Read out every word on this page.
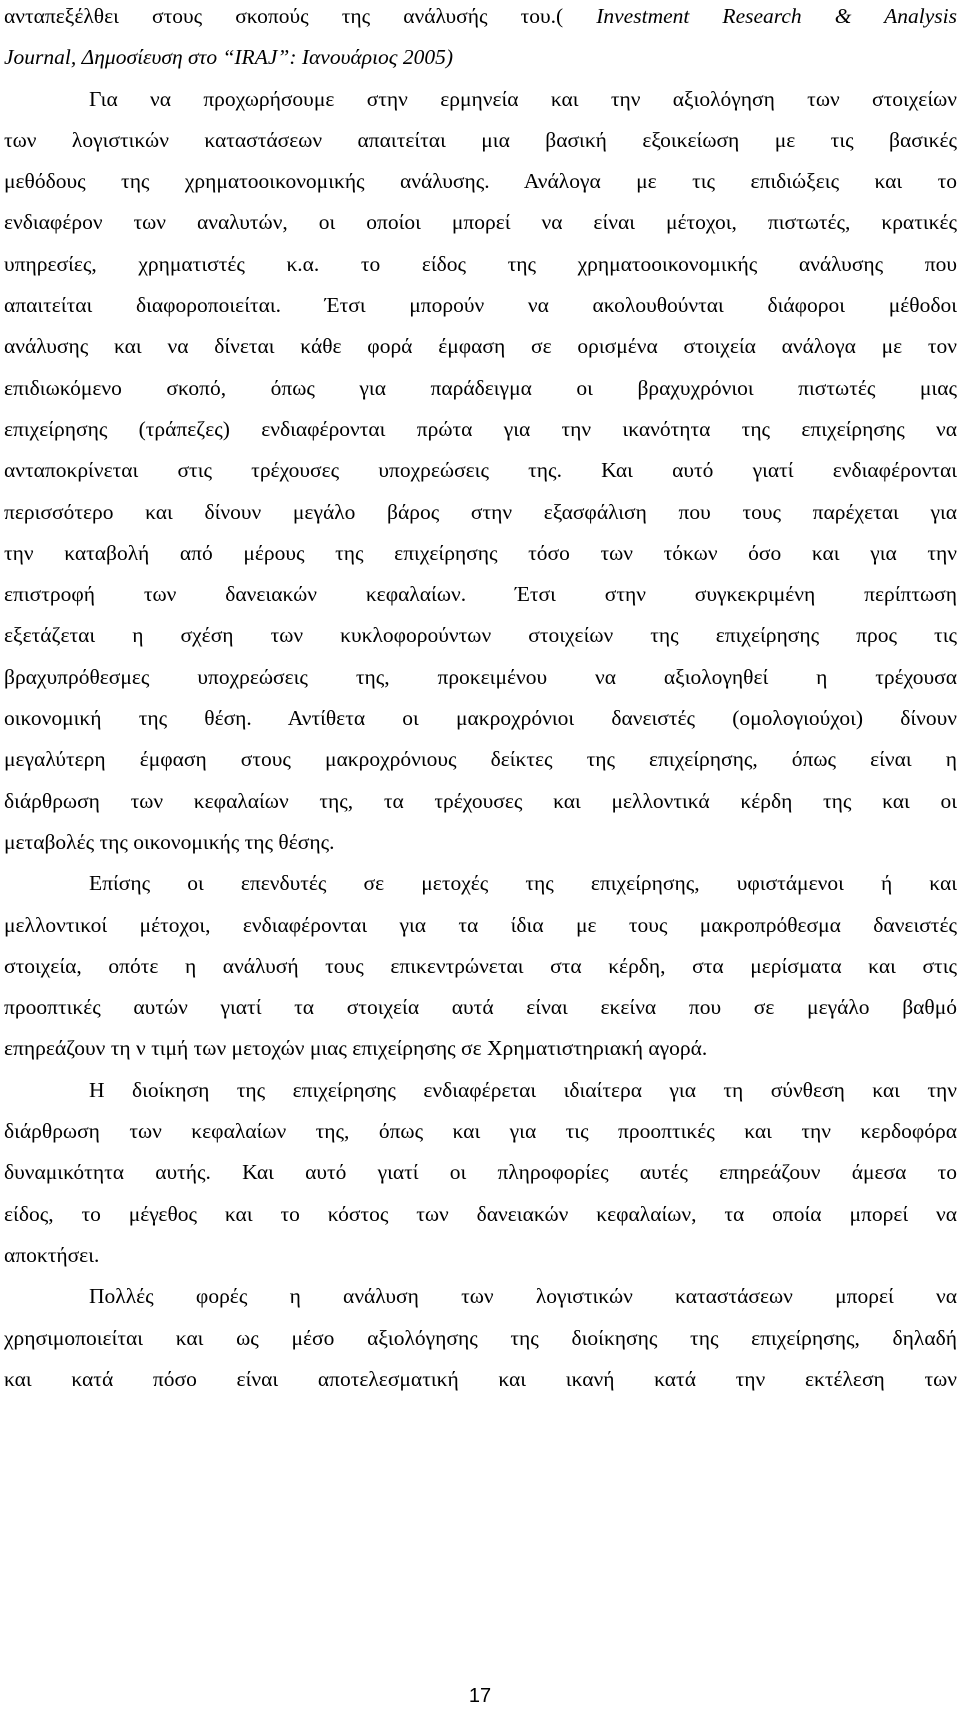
ανταπεξέλθει στους σκοπούς της ανάλυσής του.( Investment Research & Analysis
Journal, Δημοσίευση στο “IRAJ”: Ιανουάριος 2005)

Για να προχωρήσουμε στην ερμηνεία και την αξιολόγηση των στοιχείων
των λογιστικών καταστάσεων απαιτείται μια βασική εξοικείωση με τις βασικές
μεθόδους της χρηματοοικονομικής ανάλυσης. Ανάλογα με τις επιδιώξεις και το
ενδιαφέρον των αναλυτών, οι οποίοι μπορεί να είναι μέτοχοι, πιστωτές, κρατικές
υπηρεσίες, χρηματιστές κ.α. το είδος της χρηματοοικονομικής ανάλυσης που
απαιτείται διαφοροποιείται. Έτσι μπορούν να ακολουθούνται διάφοροι μέθοδοι
ανάλυσης και να δίνεται κάθε φορά έμφαση σε ορισμένα στοιχεία ανάλογα με τον
επιδιωκόμενο σκοπό, όπως για παράδειγμα οι βραχυχρόνιοι πιστωτές μιας
επιχείρησης (τράπεζες) ενδιαφέρονται πρώτα για την ικανότητα της επιχείρησης να
ανταποκρίνεται στις τρέχουσες υποχρεώσεις της. Και αυτό γιατί ενδιαφέρονται
περισσότερο και δίνουν μεγάλο βάρος στην εξασφάλιση που τους παρέχεται για
την καταβολή από μέρους της επιχείρησης τόσο των τόκων όσο και για την
επιστροφή των δανειακών κεφαλαίων. Έτσι στην συγκεκριμένη περίπτωση
εξετάζεται η σχέση των κυκλοφορούντων στοιχείων της επιχείρησης προς τις
βραχυπρόθεσμες υποχρεώσεις της, προκειμένου να αξιολογηθεί η τρέχουσα
οικονομική της θέση. Αντίθετα οι μακροχρόνιοι δανειστές (ομολογιούχοι) δίνουν
μεγαλύτερη έμφαση στους μακροχρόνιους δείκτες της επιχείρησης, όπως είναι η
διάρθρωση των κεφαλαίων της, τα τρέχουσες και μελλοντικά κέρδη της και οι
μεταβολές της οικονομικής της θέσης.

Επίσης οι επενδυτές σε μετοχές της επιχείρησης, υφιστάμενοι ή και
μελλοντικοί μέτοχοι, ενδιαφέρονται για τα ίδια με τους μακροπρόθεσμα δανειστές
στοιχεία, οπότε η ανάλυσή τους επικεντρώνεται στα κέρδη, στα μερίσματα και στις
προοπτικές αυτών γιατί τα στοιχεία αυτά είναι εκείνα που σε μεγάλο βαθμό
επηρεάζουν τη ν τιμή των μετοχών μιας επιχείρησης σε Χρηματιστηριακή αγορά.

Η διοίκηση της επιχείρησης ενδιαφέρεται ιδιαίτερα για τη σύνθεση και την
διάρθρωση των κεφαλαίων της, όπως και για τις προοπτικές και την κερδοφόρα
δυναμικότητα αυτής. Και αυτό γιατί οι πληροφορίες αυτές επηρεάζουν άμεσα το
είδος, το μέγεθος και το κόστος των δανειακών κεφαλαίων, τα οποία μπορεί να
αποκτήσει.

Πολλές φορές η ανάλυση των λογιστικών καταστάσεων μπορεί να
χρησιμοποιείται και ως μέσο αξιολόγησης της διοίκησης της επιχείρησης, δηλαδή
και κατά πόσο είναι αποτελεσματική και ικανή κατά την εκτέλεση των

17
